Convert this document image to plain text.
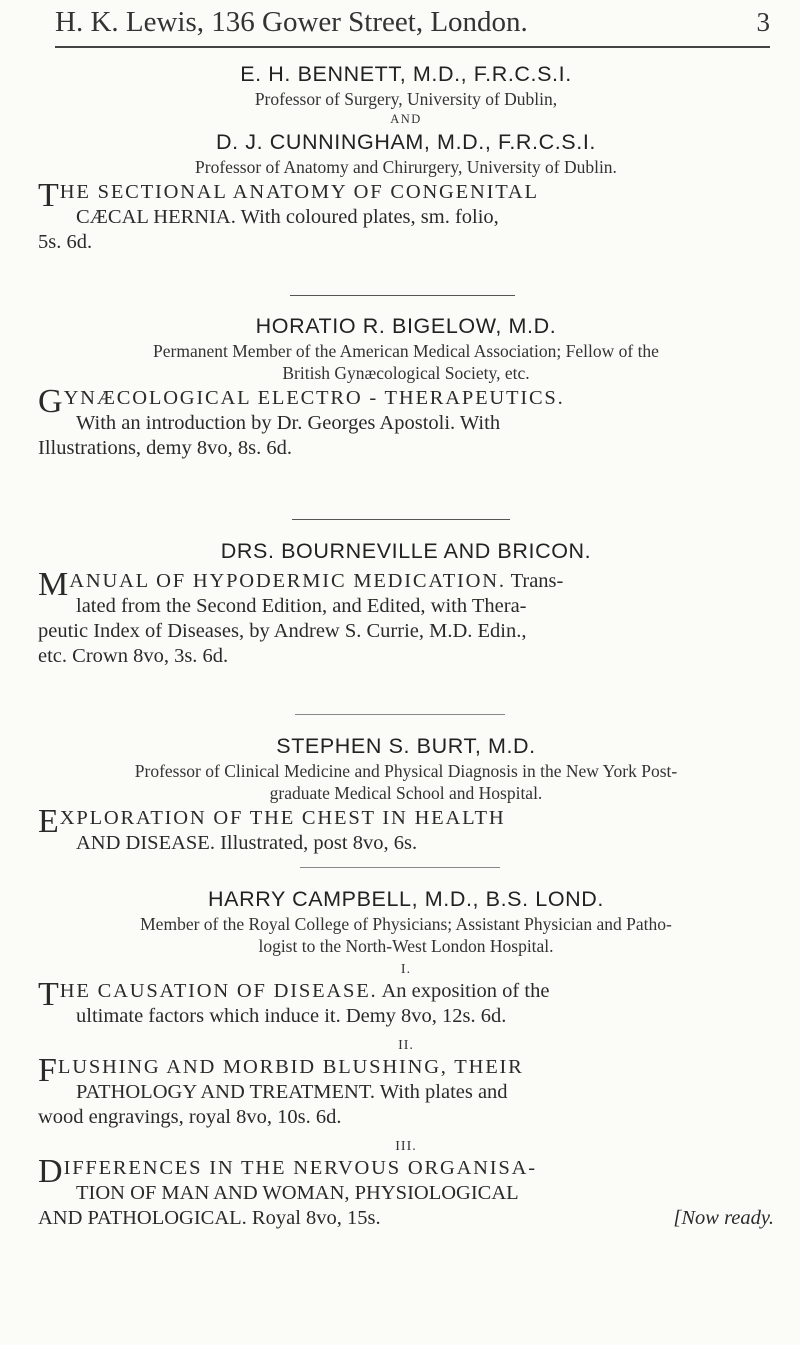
H. K. Lewis, 136 Gower Street, London.	3
E. H. BENNETT, M.D., F.R.C.S.I.
Professor of Surgery, University of Dublin,
AND
D. J. CUNNINGHAM, M.D., F.R.C.S.I.
Professor of Anatomy and Chirurgery, University of Dublin.

THE SECTIONAL ANATOMY OF CONGENITAL

CÆCAL HERNIA. With coloured plates, sm. folio,

5s. 6d.

HORATIO R. BIGELOW, M.D.
Permanent Member of the American Medical Association; Fellow of the
British Gynæcological Society, etc.

GYNÆCOLOGICAL ELECTRO - THERAPEUTICS.

With an introduction by Dr. Georges Apostoli. With

Illustrations, demy 8vo, 8s. 6d.

DRS. BOURNEVILLE AND BRICON.

MANUAL OF HYPODERMIC MEDICATION. Trans-

lated from the Second Edition, and Edited, with Thera-

peutic Index of Diseases, by Andrew S. Currie, M.D. Edin.,

etc. Crown 8vo, 3s. 6d.

STEPHEN S. BURT, M.D.
Professor of Clinical Medicine and Physical Diagnosis in the New York Post-
graduate Medical School and Hospital.

EXPLORATION OF THE CHEST IN HEALTH

AND DISEASE. Illustrated, post 8vo, 6s.

HARRY CAMPBELL, M.D., B.S. LOND.
Member of the Royal College of Physicians; Assistant Physician and Patho-
logist to the North-West London Hospital.
I.

THE CAUSATION OF DISEASE. An exposition of the

ultimate factors which induce it. Demy 8vo, 12s. 6d.

II.

FLUSHING AND MORBID BLUSHING, THEIR

PATHOLOGY AND TREATMENT. With plates and

wood engravings, royal 8vo, 10s. 6d.

III.

DIFFERENCES IN THE NERVOUS ORGANISA-

TION OF MAN AND WOMAN, PHYSIOLOGICAL

AND PATHOLOGICAL. Royal 8vo, 15s.	[Now ready.
